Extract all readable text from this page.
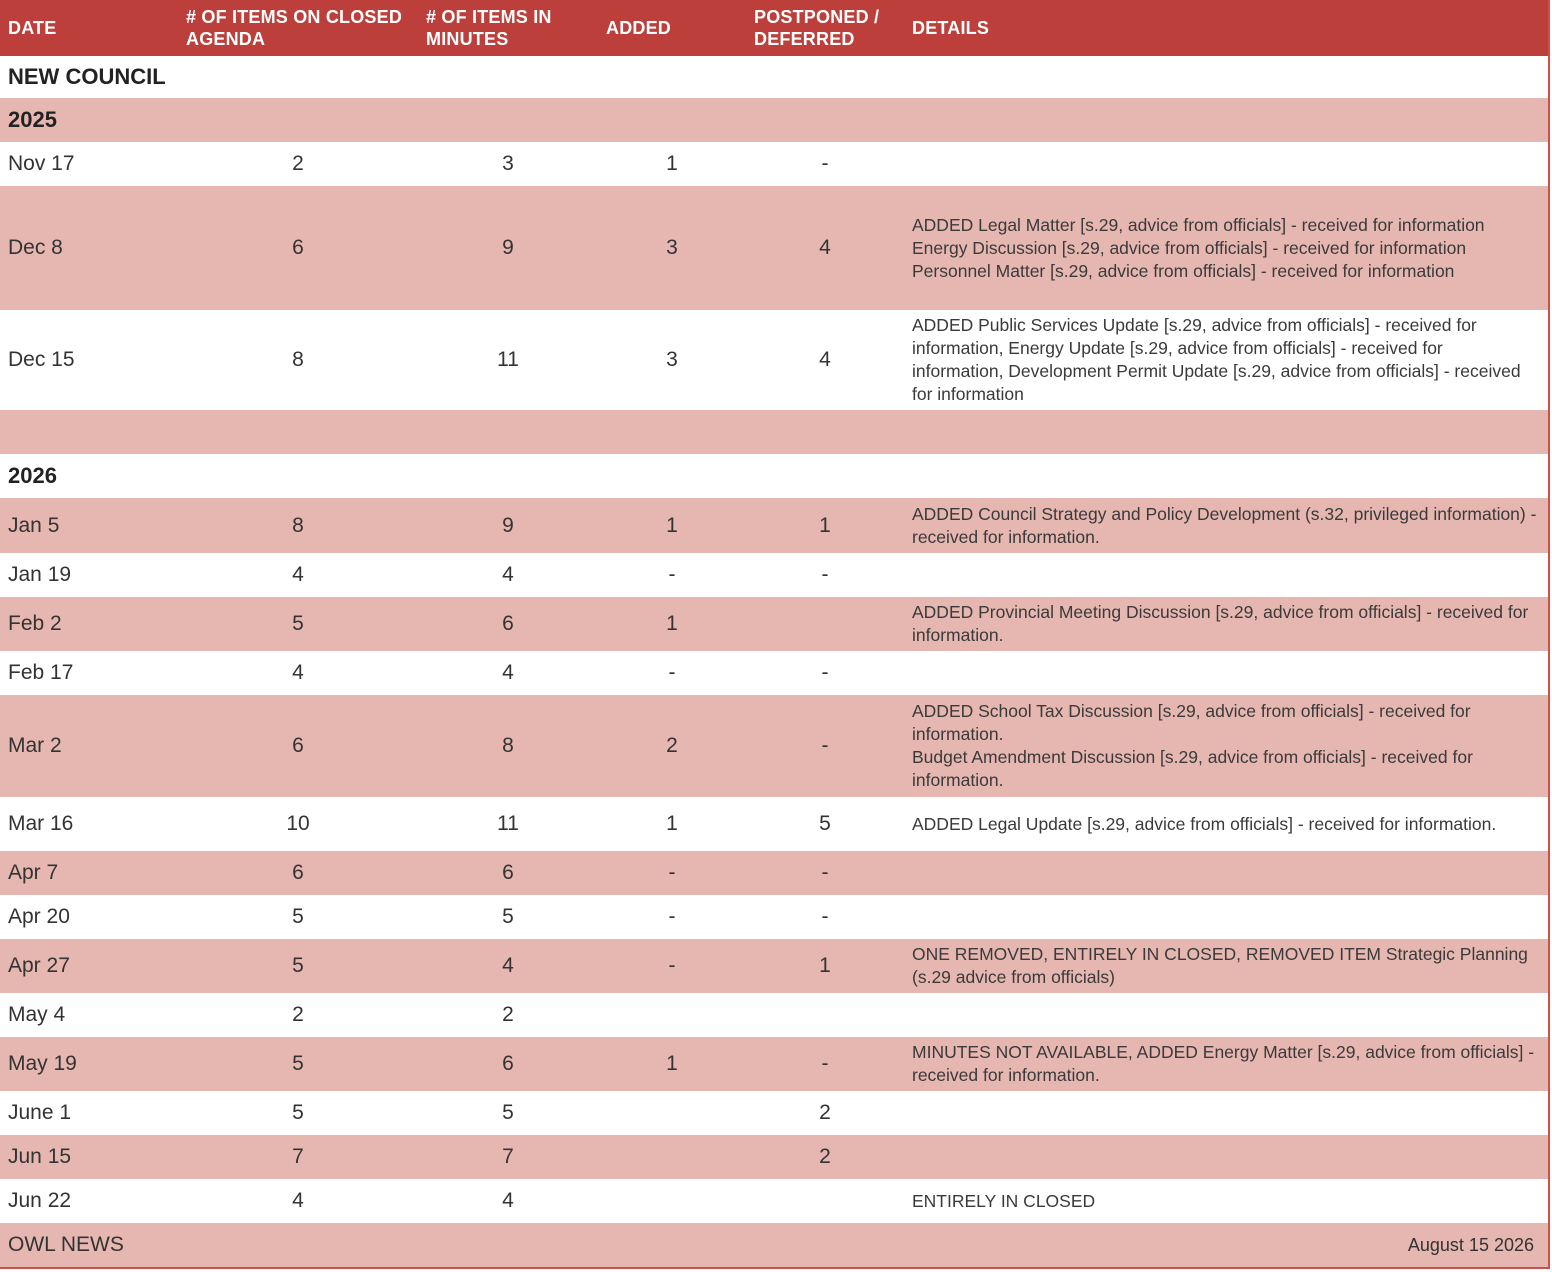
DATE	# OF ITEMS ON CLOSED AGENDA	# OF ITEMS IN MINUTES	ADDED	POSTPONED / DEFERRED	DETAILS
NEW COUNCIL					
2025					
Nov 17	2	3	1	-	
Dec 8	6	9	3	4	ADDED Legal Matter [s.29, advice from officials] - received for information
Energy Discussion [s.29, advice from officials] - received for information
Personnel Matter [s.29, advice from officials] - received for information

Dec 15	8	11	3	4	ADDED Public Services Update [s.29, advice from officials] - received for information, Energy Update [s.29, advice from officials] - received for information, Development Permit Update [s.29, advice from officials] - received for information

2026					
Jan 5	8	9	1	1	ADDED Council Strategy and Policy Development (s.32, privileged information) - received for information.

Jan 19	4	4	-	-	
Feb 2	5	6	1		ADDED Provincial Meeting Discussion [s.29, advice from officials] - received for information.

Feb 17	4	4	-	-	
Mar 2	6	8	2	-	ADDED School Tax Discussion [s.29, advice from officials] - received for information.
Budget Amendment Discussion [s.29, advice from officials] - received for information.

Mar 16	10	11	1	5	ADDED Legal Update [s.29, advice from officials] - received for information.

Apr 7	6	6	-	-	
Apr 20	5	5	-	-	
Apr 27	5	4	-	1	ONE REMOVED, ENTIRELY IN CLOSED, REMOVED ITEM Strategic Planning (s.29 advice from officials)

May 4	2	2			
May 19	5	6	1	-	MINUTES NOT AVAILABLE, ADDED Energy Matter [s.29, advice from officials] - received for information.

June 1	5	5		2	
Jun 15	7	7		2	
Jun 22	4	4			ENTIRELY IN CLOSED

OWL NEWS			August 15 2026		
